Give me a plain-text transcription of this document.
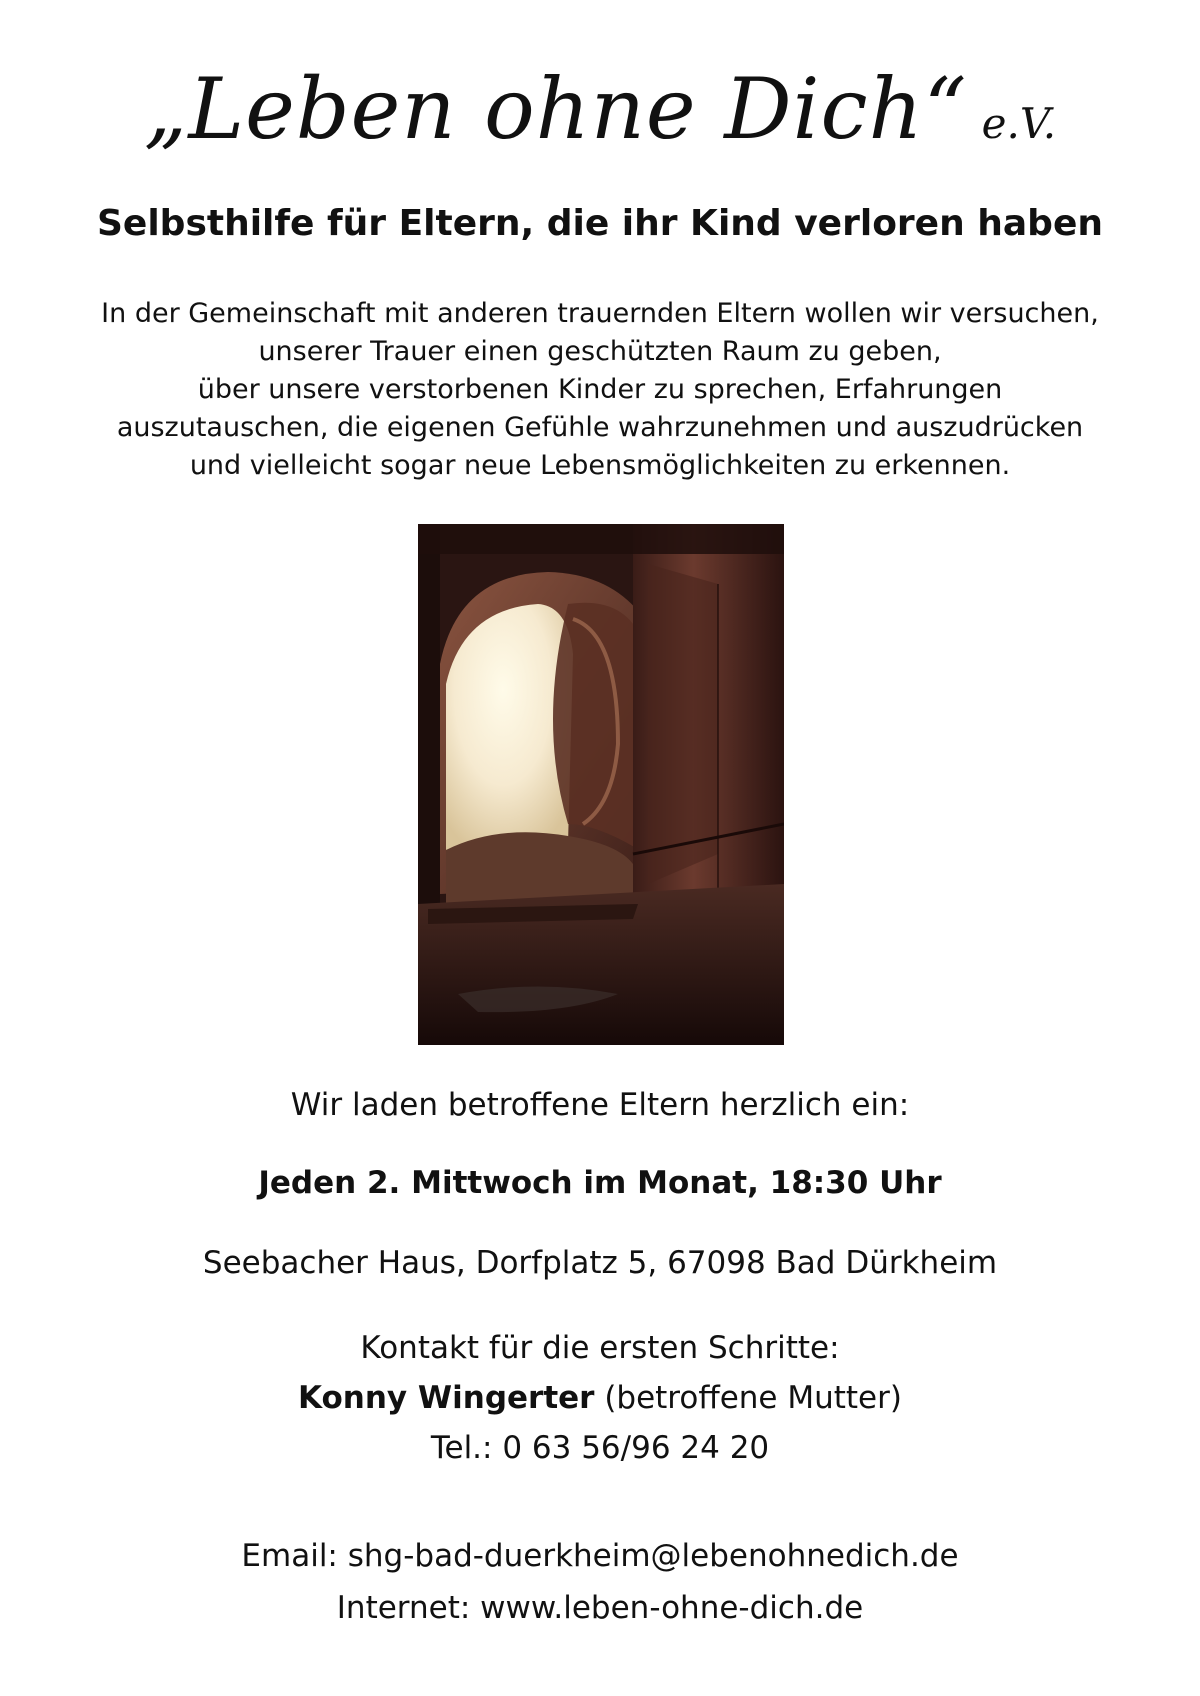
„Leben ohne Dich“ e.V.
Selbsthilfe für Eltern, die ihr Kind verloren haben
In der Gemeinschaft mit anderen trauernden Eltern wollen wir versuchen,
unserer Trauer einen geschützten Raum zu geben,
über unsere verstorbenen Kinder zu sprechen, Erfahrungen
auszutauschen, die eigenen Gefühle wahrzunehmen und auszudrücken
und vielleicht sogar neue Lebensmöglichkeiten zu erkennen.
Wir laden betroffene Eltern herzlich ein:
Jeden 2. Mittwoch im Monat, 18:30 Uhr
Seebacher Haus, Dorfplatz 5, 67098 Bad Dürkheim
Kontakt für die ersten Schritte:
Konny Wingerter (betroffene Mutter)
Tel.: 0 63 56/96 24 20
Email: shg-bad-duerkheim@lebenohnedich.de
Internet: www.leben-ohne-dich.de
